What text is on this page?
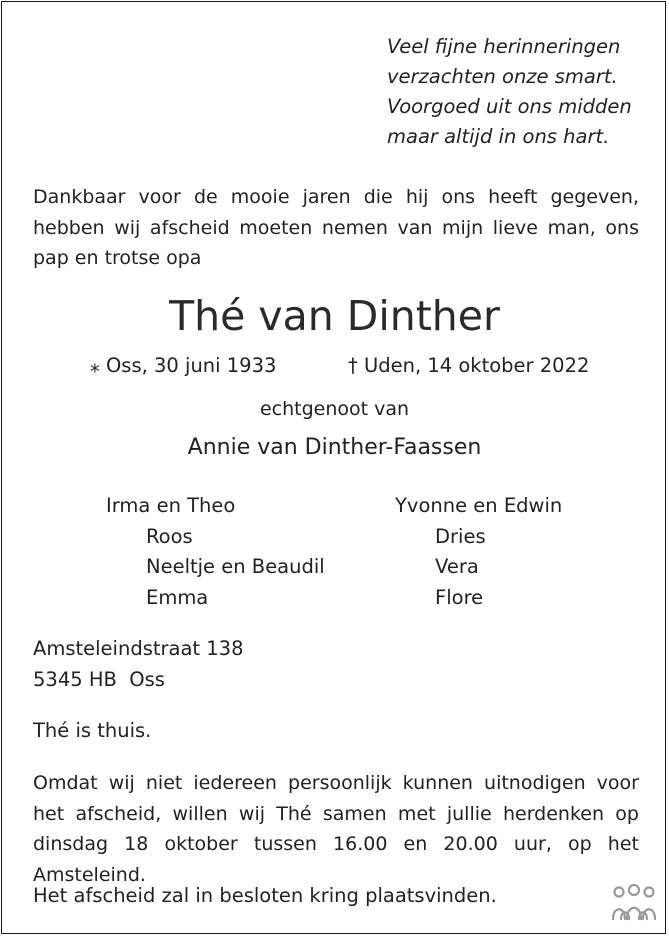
Veel fijne herinneringen
verzachten onze smart.
Voorgoed uit ons midden
maar altijd in ons hart.
Dankbaar voor de mooie jaren die hij ons heeft gegeven, hebben wij afscheid moeten nemen van mijn lieve man, ons pap en trotse opa
Thé van Dinther
⁎ Oss, 30 juni 1933	† Uden, 14 oktober 2022
echtgenoot van
Annie van Dinther-Faassen
Irma en Theo
Roos
Neeltje en Beaudil
Emma
Yvonne en Edwin
Dries
Vera
Flore
Amsteleindstraat 138
5345 HB  Oss
Thé is thuis.
Omdat wij niet iedereen persoonlijk kunnen uitnodigen voor het afscheid, willen wij Thé samen met jullie herdenken op dinsdag 18 oktober tussen 16.00 en 20.00 uur, op het Amsteleind.
Het afscheid zal in besloten kring plaatsvinden.
